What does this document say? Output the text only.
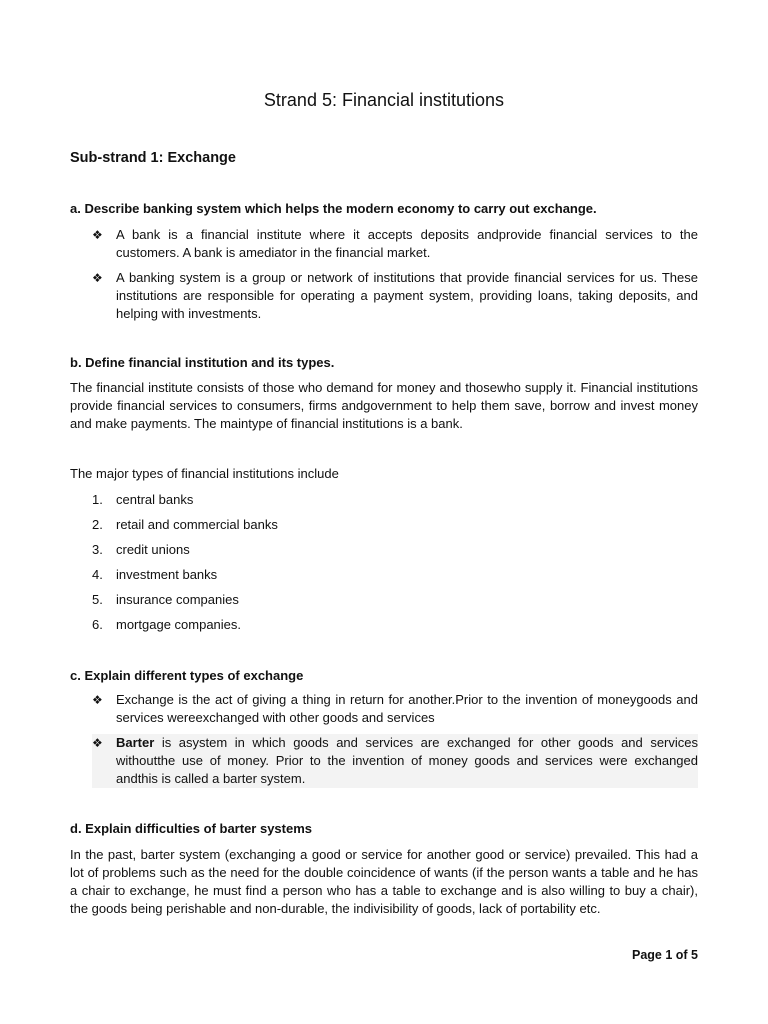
Strand 5: Financial institutions
Sub-strand 1: Exchange
a. Describe banking system which helps the modern economy to carry out exchange.
❖	A bank is a financial institute where it accepts deposits andprovide financial services to the customers. A bank is amediator in the financial market.
❖	A banking system is a group or network of institutions that provide financial services for us. These institutions are responsible for operating a payment system, providing loans, taking deposits, and helping with investments.
b. Define financial institution and its types.
The financial institute consists of those who demand for money and thosewho supply it. Financial institutions provide financial services to consumers, firms andgovernment to help them save, borrow and invest money and make payments. The maintype of financial institutions is a bank.
The major types of financial institutions include
1. central banks
2. retail and commercial banks
3. credit unions
4. investment banks
5. insurance companies
6. mortgage companies.
c. Explain different types of exchange
❖	Exchange is the act of giving a thing in return for another.Prior to the invention of moneygoods and services wereexchanged with other goods and services
❖	Barter is asystem in which goods and services are exchanged for other goods and services withoutthe use of money. Prior to the invention of money goods and services were exchanged andthis is called a barter system.
d. Explain difficulties of barter systems
In the past, barter system (exchanging a good or service for another good or service) prevailed. This had a lot of problems such as the need for the double coincidence of wants (if the person wants a table and he has a chair to exchange, he must find a person who has a table to exchange and is also willing to buy a chair), the goods being perishable and non-durable, the indivisibility of goods, lack of portability etc.
Page 1 of 5
